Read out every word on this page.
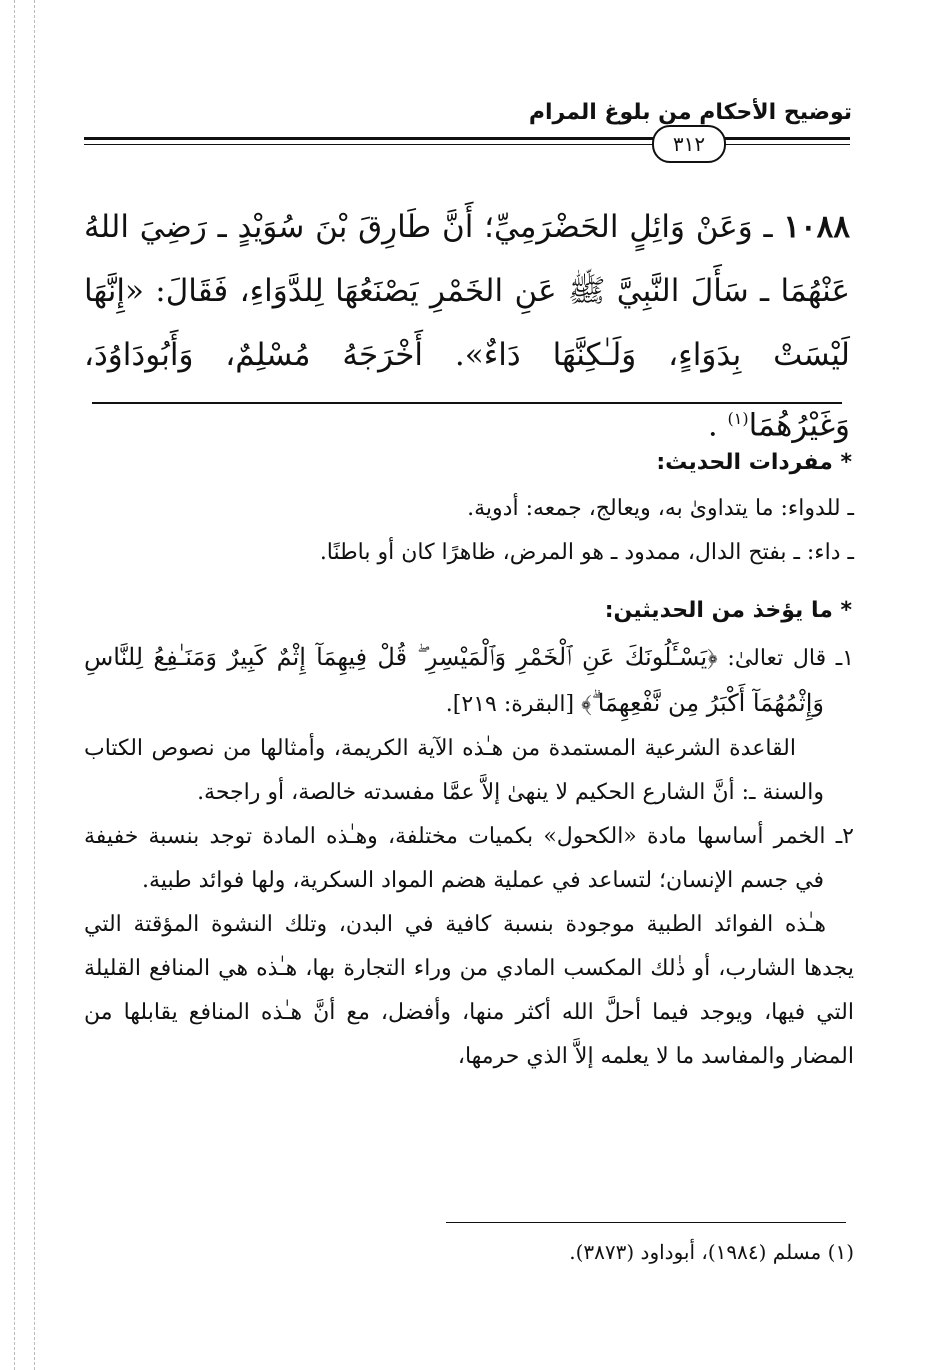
توضيح الأحكام من بلوغ المرام
٣١٢
١٠٨٨ ـ وَعَنْ وَائِلٍ الحَضْرَمِيِّ؛ أَنَّ طَارِقَ بْنَ سُوَيْدٍ ـ رَضِيَ اللهُ عَنْهُمَا ـ سَأَلَ النَّبِيَّ ﷺ عَنِ الخَمْرِ يَصْنَعُهَا لِلدَّوَاءِ، فَقَالَ: «إِنَّهَا لَيْسَتْ بِدَوَاءٍ، وَلَـٰكِنَّهَا دَاءٌ». أَخْرَجَهُ مُسْلِمٌ، وَأَبُودَاوُدَ، وَغَيْرُهُمَا$^{(١)}$ .
* مفردات الحديث:
ـ للدواء: ما يتداوىٰ به، ويعالج، جمعه: أدوية.
ـ داء: ـ بفتح الدال، ممدود ـ هو المرض، ظاهرًا كان أو باطنًا.
* ما يؤخذ من الحديثين:
١ـ قال تعالىٰ: ﴿يَسْـَٔلُونَكَ عَنِ ٱلْخَمْرِ وَٱلْمَيْسِرِ ۖ قُلْ فِيهِمَآ إِثْمٌ كَبِيرٌ وَمَنَـٰفِعُ لِلنَّاسِ وَإِثْمُهُمَآ أَكْبَرُ مِن نَّفْعِهِمَا ۗ﴾ [البقرة: ٢١٩].
القاعدة الشرعية المستمدة من هـٰذه الآية الكريمة، وأمثالها من نصوص الكتاب والسنة ـ: أنَّ الشارع الحكيم لا ينهىٰ إلاَّ عمَّا مفسدته خالصة، أو راجحة.
٢ـ الخمر أساسها مادة «الكحول» بكميات مختلفة، وهـٰذه المادة توجد بنسبة خفيفة في جسم الإنسان؛ لتساعد في عملية هضم المواد السكرية، ولها فوائد طبية.
هـٰذه الفوائد الطبية موجودة بنسبة كافية في البدن، وتلك النشوة المؤقتة التي يجدها الشارب، أو ذٰلك المكسب المادي من وراء التجارة بها، هـٰذه هي المنافع القليلة التي فيها، ويوجد فيما أحلَّ الله أكثر منها، وأفضل، مع أنَّ هـٰذه المنافع يقابلها من المضار والمفاسد ما لا يعلمه إلاَّ الذي حرمها،
(١) مسلم (١٩٨٤)، أبوداود (٣٨٧٣).
